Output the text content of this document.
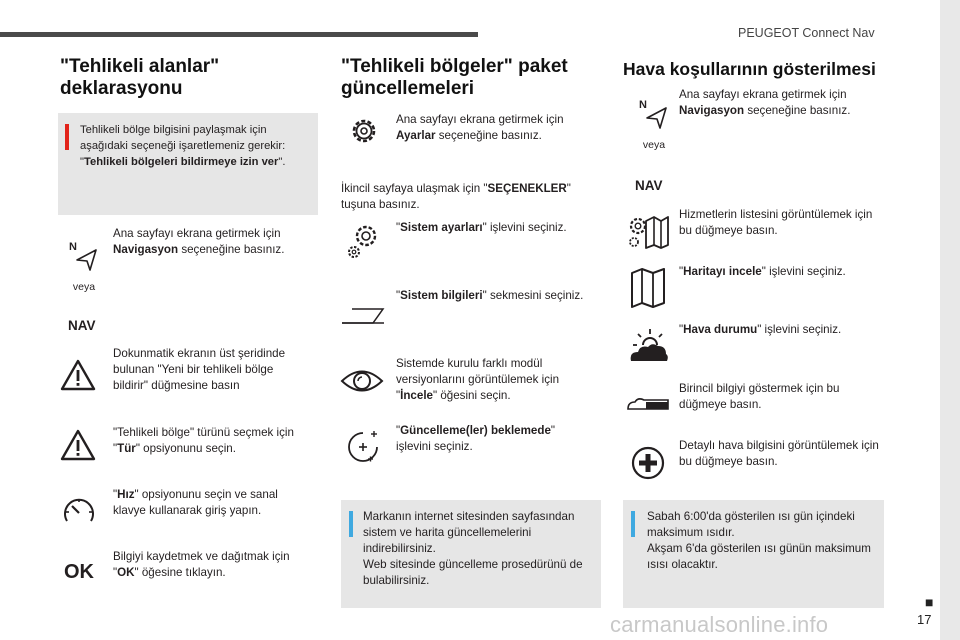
PEUGEOT Connect Nav
■
17
carmanualsonline.info
"Tehlikeli alanlar" deklarasyonu
Tehlikeli bölge bilgisini paylaşmak için aşağıdaki seçeneği işaretlemeniz gerekir: "Tehlikeli bölgeleri bildirmeye izin ver".
N
veya
NAV
Ana sayfayı ekrana getirmek için Navigasyon seçeneğine basınız.
Dokunmatik ekranın üst şeridinde bulunan "Yeni bir tehlikeli bölge bildirir" düğmesine basın
"Tehlikeli bölge" türünü seçmek için "Tür" opsiyonunu seçin.
"Hız" opsiyonunu seçin ve sanal klavye kullanarak giriş yapın.
OK
Bilgiyi kaydetmek ve dağıtmak için "OK" öğesine tıklayın.
"Tehlikeli bölgeler" paket güncellemeleri
Ana sayfayı ekrana getirmek için Ayarlar seçeneğine basınız.
İkincil sayfaya ulaşmak için "SEÇENEKLER" tuşuna basınız.
"Sistem ayarları" işlevini seçiniz.
"Sistem bilgileri" sekmesini seçiniz.
Sistemde kurulu farklı modül versiyonlarını görüntülemek için "İncele" öğesini seçin.
"Güncelleme(ler) beklemede" işlevini seçiniz.
Markanın internet sitesinden sayfasından sistem ve harita güncellemelerini indirebilirsiniz.
Web sitesinde güncelleme prosedürünü de bulabilirsiniz.
Hava koşullarının gösterilmesi
N
veya
NAV
Ana sayfayı ekrana getirmek için Navigasyon seçeneğine basınız.
Hizmetlerin listesini görüntülemek için bu düğmeye basın.
"Haritayı incele" işlevini seçiniz.
"Hava durumu" işlevini seçiniz.
Birincil bilgiyi göstermek için bu düğmeye basın.
Detaylı hava bilgisini görüntülemek için bu düğmeye basın.
Sabah 6:00'da gösterilen ısı gün içindeki maksimum ısıdır.
Akşam 6'da gösterilen ısı günün maksimum ısısı olacaktır.
